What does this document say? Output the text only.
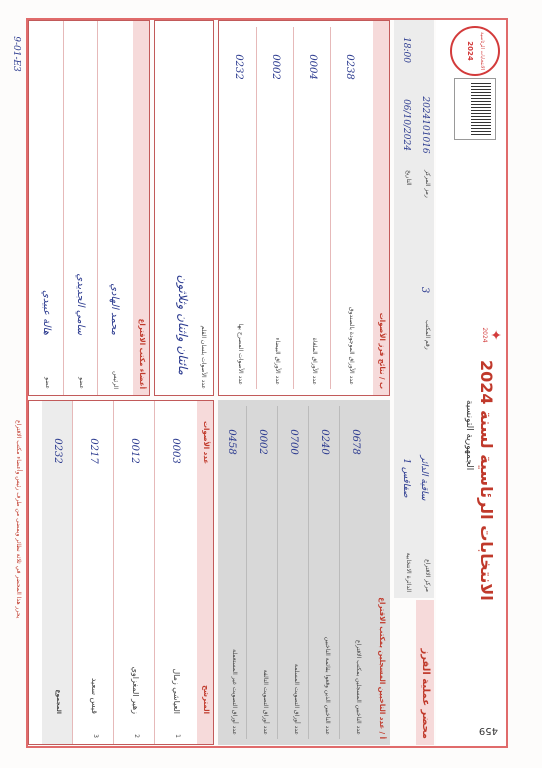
الانتخابات الرئاسية
2024
✦
2024
الانتخابات الرئاسية لسنة 2024
الجمهورية التونسية
459
محضر عملية الفرز
مركز الاقتراع
ساقية الدائر
الدائرة الانتخابية
صفاقس 1
رقم المكتب
3
رمز المركز
2024101016
التاريخ
06/10/2024
18:00
أ / عدد الناخبين المسجلين بمكتب الاقتراع
عدد الناخبين المسجلين بمكتب الاقتراع
0678
عدد الناخبين الذين وقعوا بقائمة الناخبين
0240
عدد أوراق التصويت المسلمة
0700
عدد أوراق التصويت التالفة
0002
عدد أوراق التصويت غير المستعملة
0458
ب / نتائج فرز الأصوات
عدد الأوراق الموجودة بالصندوق
0238
عدد الأوراق الملغاة
0004
عدد الأوراق البيضاء
0002
عدد الأصوات المصرح بها
0232
المترشح
عدد الأصوات
1
العياشي زمال
0003
2
زهير المغزاوي
0012
3
قيس سعيد
0217
المجموع
0232
عدد الأصوات بلسان القلم
مائتان واثنان وثلاثون
أعضاء مكتب الاقتراع
الرئيس
محمد الهادي
عضو
سامي الجديدي
عضو
هالة عبيدي
يحرر هذا المحضر في ثلاثة نظائر ويمضى من طرف رئيس وأعضاء مكتب الاقتراع
9-01-E3
